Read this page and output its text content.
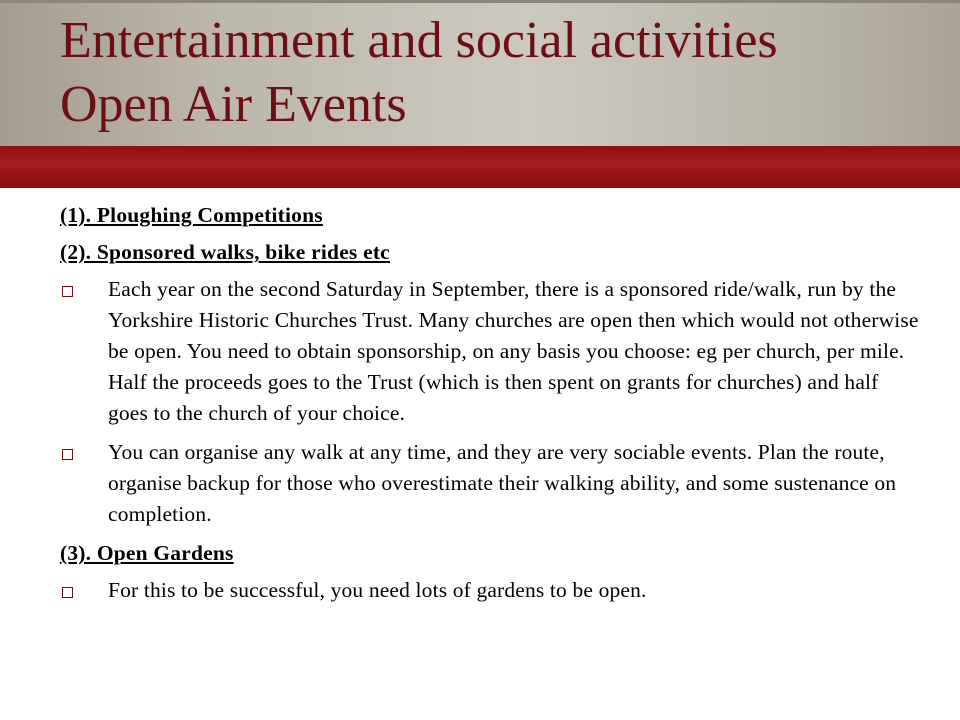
Entertainment and social activities
Open Air Events

(1). Ploughing Competitions

(2). Sponsored walks, bike rides etc

Each year on the second Saturday in September, there is a sponsored ride/walk, run by the Yorkshire Historic Churches Trust. Many churches are open then which would not otherwise be open. You need to obtain sponsorship, on any basis you choose: eg per church, per mile. Half the proceeds goes to the Trust (which is then spent on grants for churches) and half goes to the church of your choice.
You can organise any walk at any time, and they are very sociable events. Plan the route, organise backup for those who overestimate their walking ability, and some sustenance on completion.

(3). Open Gardens

For this to be successful, you need lots of gardens to be open.
